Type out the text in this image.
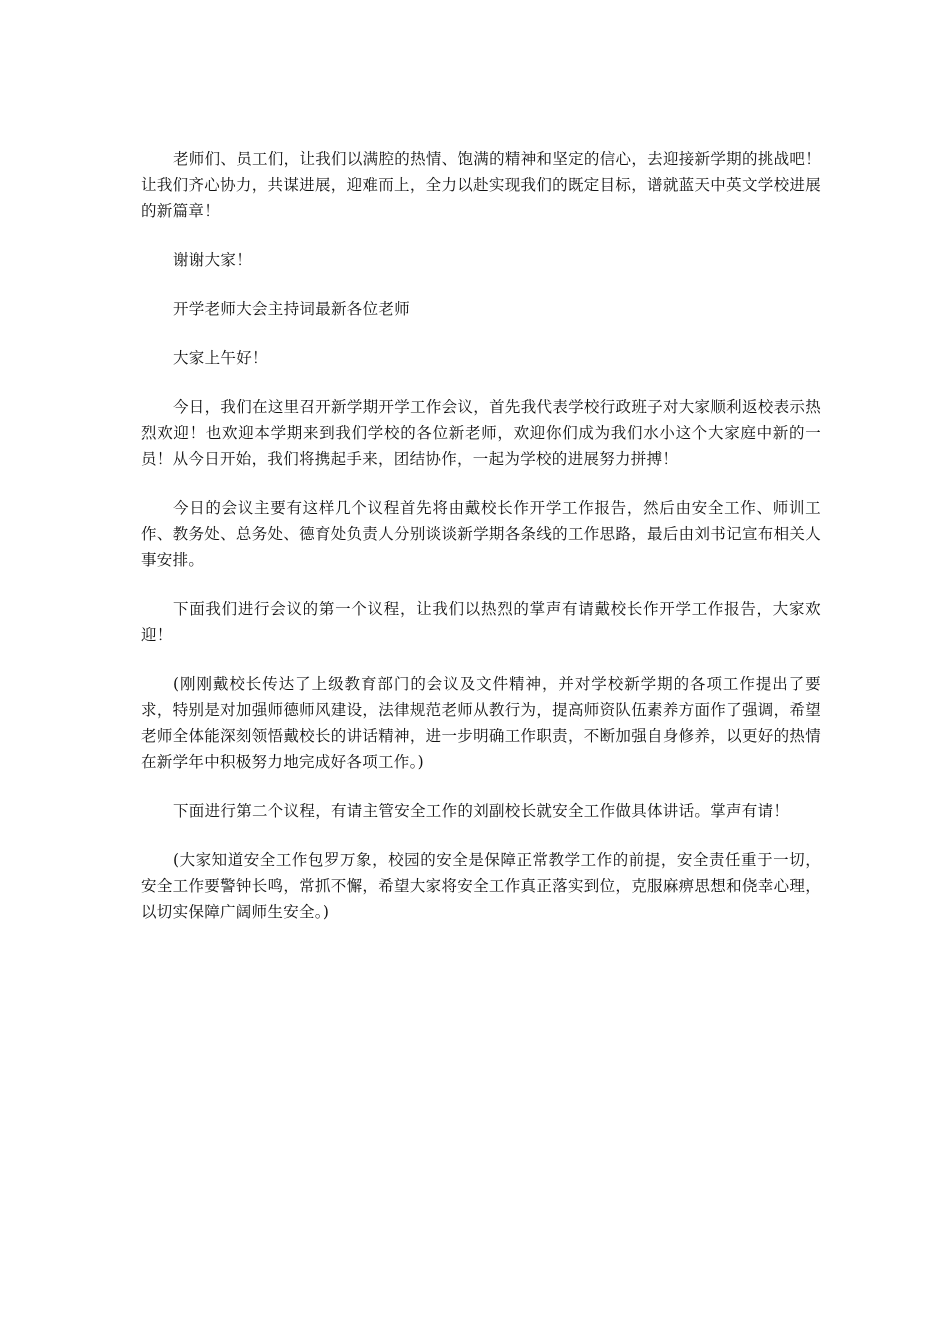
老师们、员工们，让我们以满腔的热情、饱满的精神和坚定的信心，去迎接新学期的挑战吧！让我们齐心协力，共谋进展，迎难而上，全力以赴实现我们的既定目标，谱就蓝天中英文学校进展的新篇章！

谢谢大家！

开学老师大会主持词最新各位老师

大家上午好！

今日，我们在这里召开新学期开学工作会议，首先我代表学校行政班子对大家顺利返校表示热烈欢迎！也欢迎本学期来到我们学校的各位新老师，欢迎你们成为我们水小这个大家庭中新的一员！从今日开始，我们将携起手来，团结协作，一起为学校的进展努力拼搏！

今日的会议主要有这样几个议程首先将由戴校长作开学工作报告，然后由安全工作、师训工作、教务处、总务处、德育处负责人分别谈谈新学期各条线的工作思路，最后由刘书记宣布相关人事安排。

下面我们进行会议的第一个议程，让我们以热烈的掌声有请戴校长作开学工作报告，大家欢迎！

(刚刚戴校长传达了上级教育部门的会议及文件精神，并对学校新学期的各项工作提出了要求，特别是对加强师德师风建设，法律规范老师从教行为，提高师资队伍素养方面作了强调，希望老师全体能深刻领悟戴校长的讲话精神，进一步明确工作职责，不断加强自身修养，以更好的热情在新学年中积极努力地完成好各项工作。)

下面进行第二个议程，有请主管安全工作的刘副校长就安全工作做具体讲话。掌声有请！

(大家知道安全工作包罗万象，校园的安全是保障正常教学工作的前提，安全责任重于一切，安全工作要警钟长鸣，常抓不懈，希望大家将安全工作真正落实到位，克服麻痹思想和侥幸心理，以切实保障广阔师生安全。)
